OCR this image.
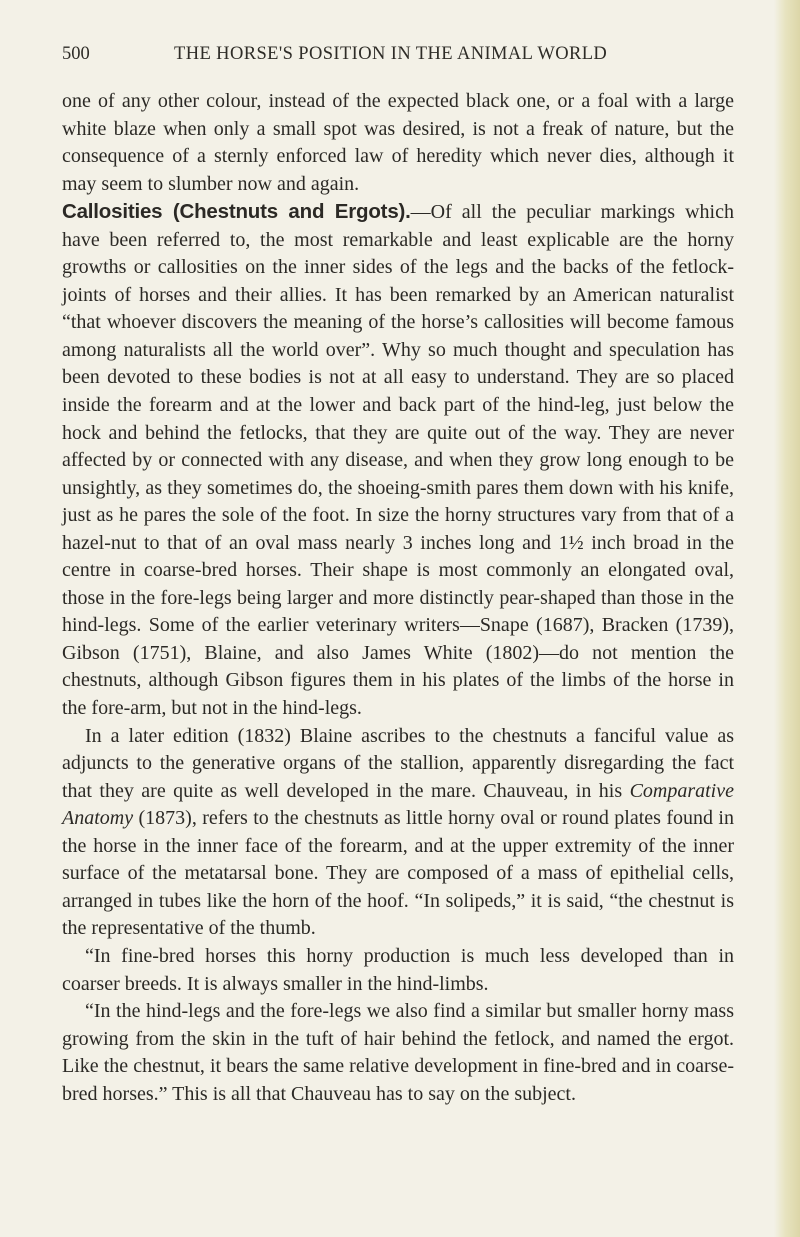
500	THE HORSE'S POSITION IN THE ANIMAL WORLD

one of any other colour, instead of the expected black one, or a foal with a large white blaze when only a small spot was desired, is not a freak of nature, but the consequence of a sternly enforced law of heredity which never dies, although it may seem to slumber now and again.

Callosities (Chestnuts and Ergots).—Of all the peculiar markings which have been referred to, the most remarkable and least explicable are the horny growths or callosities on the inner sides of the legs and the backs of the fetlock-joints of horses and their allies. It has been remarked by an American naturalist “that whoever discovers the meaning of the horse’s callosities will become famous among naturalists all the world over”. Why so much thought and speculation has been devoted to these bodies is not at all easy to understand. They are so placed inside the forearm and at the lower and back part of the hind-leg, just below the hock and behind the fetlocks, that they are quite out of the way. They are never affected by or connected with any disease, and when they grow long enough to be unsightly, as they sometimes do, the shoeing-smith pares them down with his knife, just as he pares the sole of the foot. In size the horny structures vary from that of a hazel-nut to that of an oval mass nearly 3 inches long and 1½ inch broad in the centre in coarse-bred horses. Their shape is most commonly an elongated oval, those in the fore-legs being larger and more distinctly pear-shaped than those in the hind-legs. Some of the earlier veterinary writers—Snape (1687), Bracken (1739), Gibson (1751), Blaine, and also James White (1802)—do not mention the chestnuts, although Gibson figures them in his plates of the limbs of the horse in the fore-arm, but not in the hind-legs.

In a later edition (1832) Blaine ascribes to the chestnuts a fanciful value as adjuncts to the generative organs of the stallion, apparently disregarding the fact that they are quite as well developed in the mare. Chauveau, in his Comparative Anatomy (1873), refers to the chestnuts as little horny oval or round plates found in the horse in the inner face of the forearm, and at the upper extremity of the inner surface of the metatarsal bone. They are composed of a mass of epithelial cells, arranged in tubes like the horn of the hoof. “In solipeds,” it is said, “the chestnut is the representative of the thumb.

“In fine-bred horses this horny production is much less developed than in coarser breeds. It is always smaller in the hind-limbs.

“In the hind-legs and the fore-legs we also find a similar but smaller horny mass growing from the skin in the tuft of hair behind the fetlock, and named the ergot. Like the chestnut, it bears the same relative development in fine-bred and in coarse-bred horses.” This is all that Chauveau has to say on the subject.
